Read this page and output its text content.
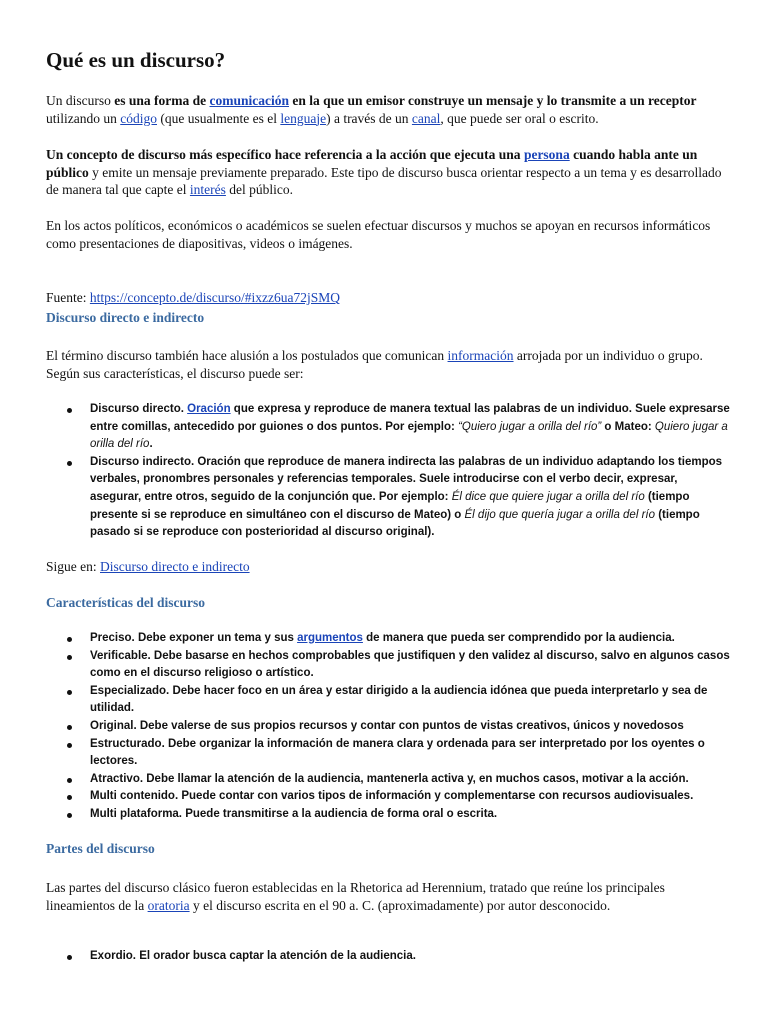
Qué es un discurso?

Un discurso es una forma de comunicación en la que un emisor construye un mensaje y lo transmite a un receptor utilizando un código (que usualmente es el lenguaje) a través de un canal, que puede ser oral o escrito.

Un concepto de discurso más específico hace referencia a la acción que ejecuta una persona cuando habla ante un público y emite un mensaje previamente preparado. Este tipo de discurso busca orientar respecto a un tema y es desarrollado de manera tal que capte el interés del público.

En los actos políticos, económicos o académicos se suelen efectuar discursos y muchos se apoyan en recursos informáticos como presentaciones de diapositivas, videos o imágenes.

Fuente: https://concepto.de/discurso/#ixzz6ua72jSMQ

Discurso directo e indirecto

El término discurso también hace alusión a los postulados que comunican información arrojada por un individuo o grupo. Según sus características, el discurso puede ser:

Discurso directo. Oración que expresa y reproduce de manera textual las palabras de un individuo. Suele expresarse entre comillas, antecedido por guiones o dos puntos. Por ejemplo: “Quiero jugar a orilla del río” o Mateo: Quiero jugar a orilla del río.
Discurso indirecto. Oración que reproduce de manera indirecta las palabras de un individuo adaptando los tiempos verbales, pronombres personales y referencias temporales. Suele introducirse con el verbo decir, expresar, asegurar, entre otros, seguido de la conjunción que. Por ejemplo: Él dice que quiere jugar a orilla del río (tiempo presente si se reproduce en simultáneo con el discurso de Mateo) o Él dijo que quería jugar a orilla del río (tiempo pasado si se reproduce con posterioridad al discurso original).

Sigue en: Discurso directo e indirecto

Características del discurso
Preciso. Debe exponer un tema y sus argumentos de manera que pueda ser comprendido por la audiencia.
Verificable. Debe basarse en hechos comprobables que justifiquen y den validez al discurso, salvo en algunos casos como en el discurso religioso o artístico.
Especializado. Debe hacer foco en un área y estar dirigido a la audiencia idónea que pueda interpretarlo y sea de utilidad.
Original. Debe valerse de sus propios recursos y contar con puntos de vistas creativos, únicos y novedosos
Estructurado. Debe organizar la información de manera clara y ordenada para ser interpretado por los oyentes o lectores.
Atractivo. Debe llamar la atención de la audiencia, mantenerla activa y, en muchos casos, motivar a la acción.
Multi contenido. Puede contar con varios tipos de información y complementarse con recursos audiovisuales.
Multi plataforma. Puede transmitirse a la audiencia de forma oral o escrita.
Partes del discurso

Las partes del discurso clásico fueron establecidas en la Rhetorica ad Herennium, tratado que reúne los principales lineamientos de la oratoria y el discurso escrita en el 90 a. C. (aproximadamente) por autor desconocido.

Exordio. El orador busca captar la atención de la audiencia.
